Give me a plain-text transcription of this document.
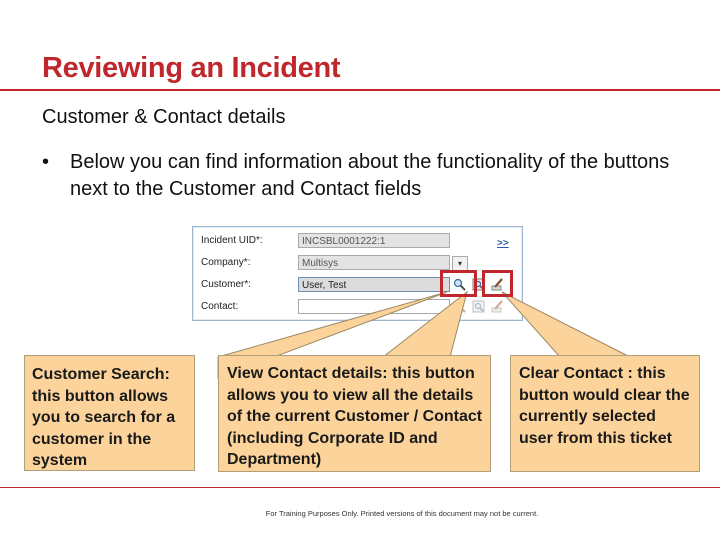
Reviewing an Incident
Customer & Contact details
• Below you can find information about the functionality of the buttons next to the Customer and Contact fields
Incident UID*:	INCSBL0001222:1	>>
Company*:	Multisys	▾
Customer*:	User, Test
Contact:
Customer Search: this button allows you to search for a customer in the system
View Contact details: this button allows you to view all the details of the current Customer / Contact (including Corporate ID and Department)
Clear Contact : this button would clear the currently selected user from this ticket
For Training Purposes Only. Printed versions of this document may not be current.
